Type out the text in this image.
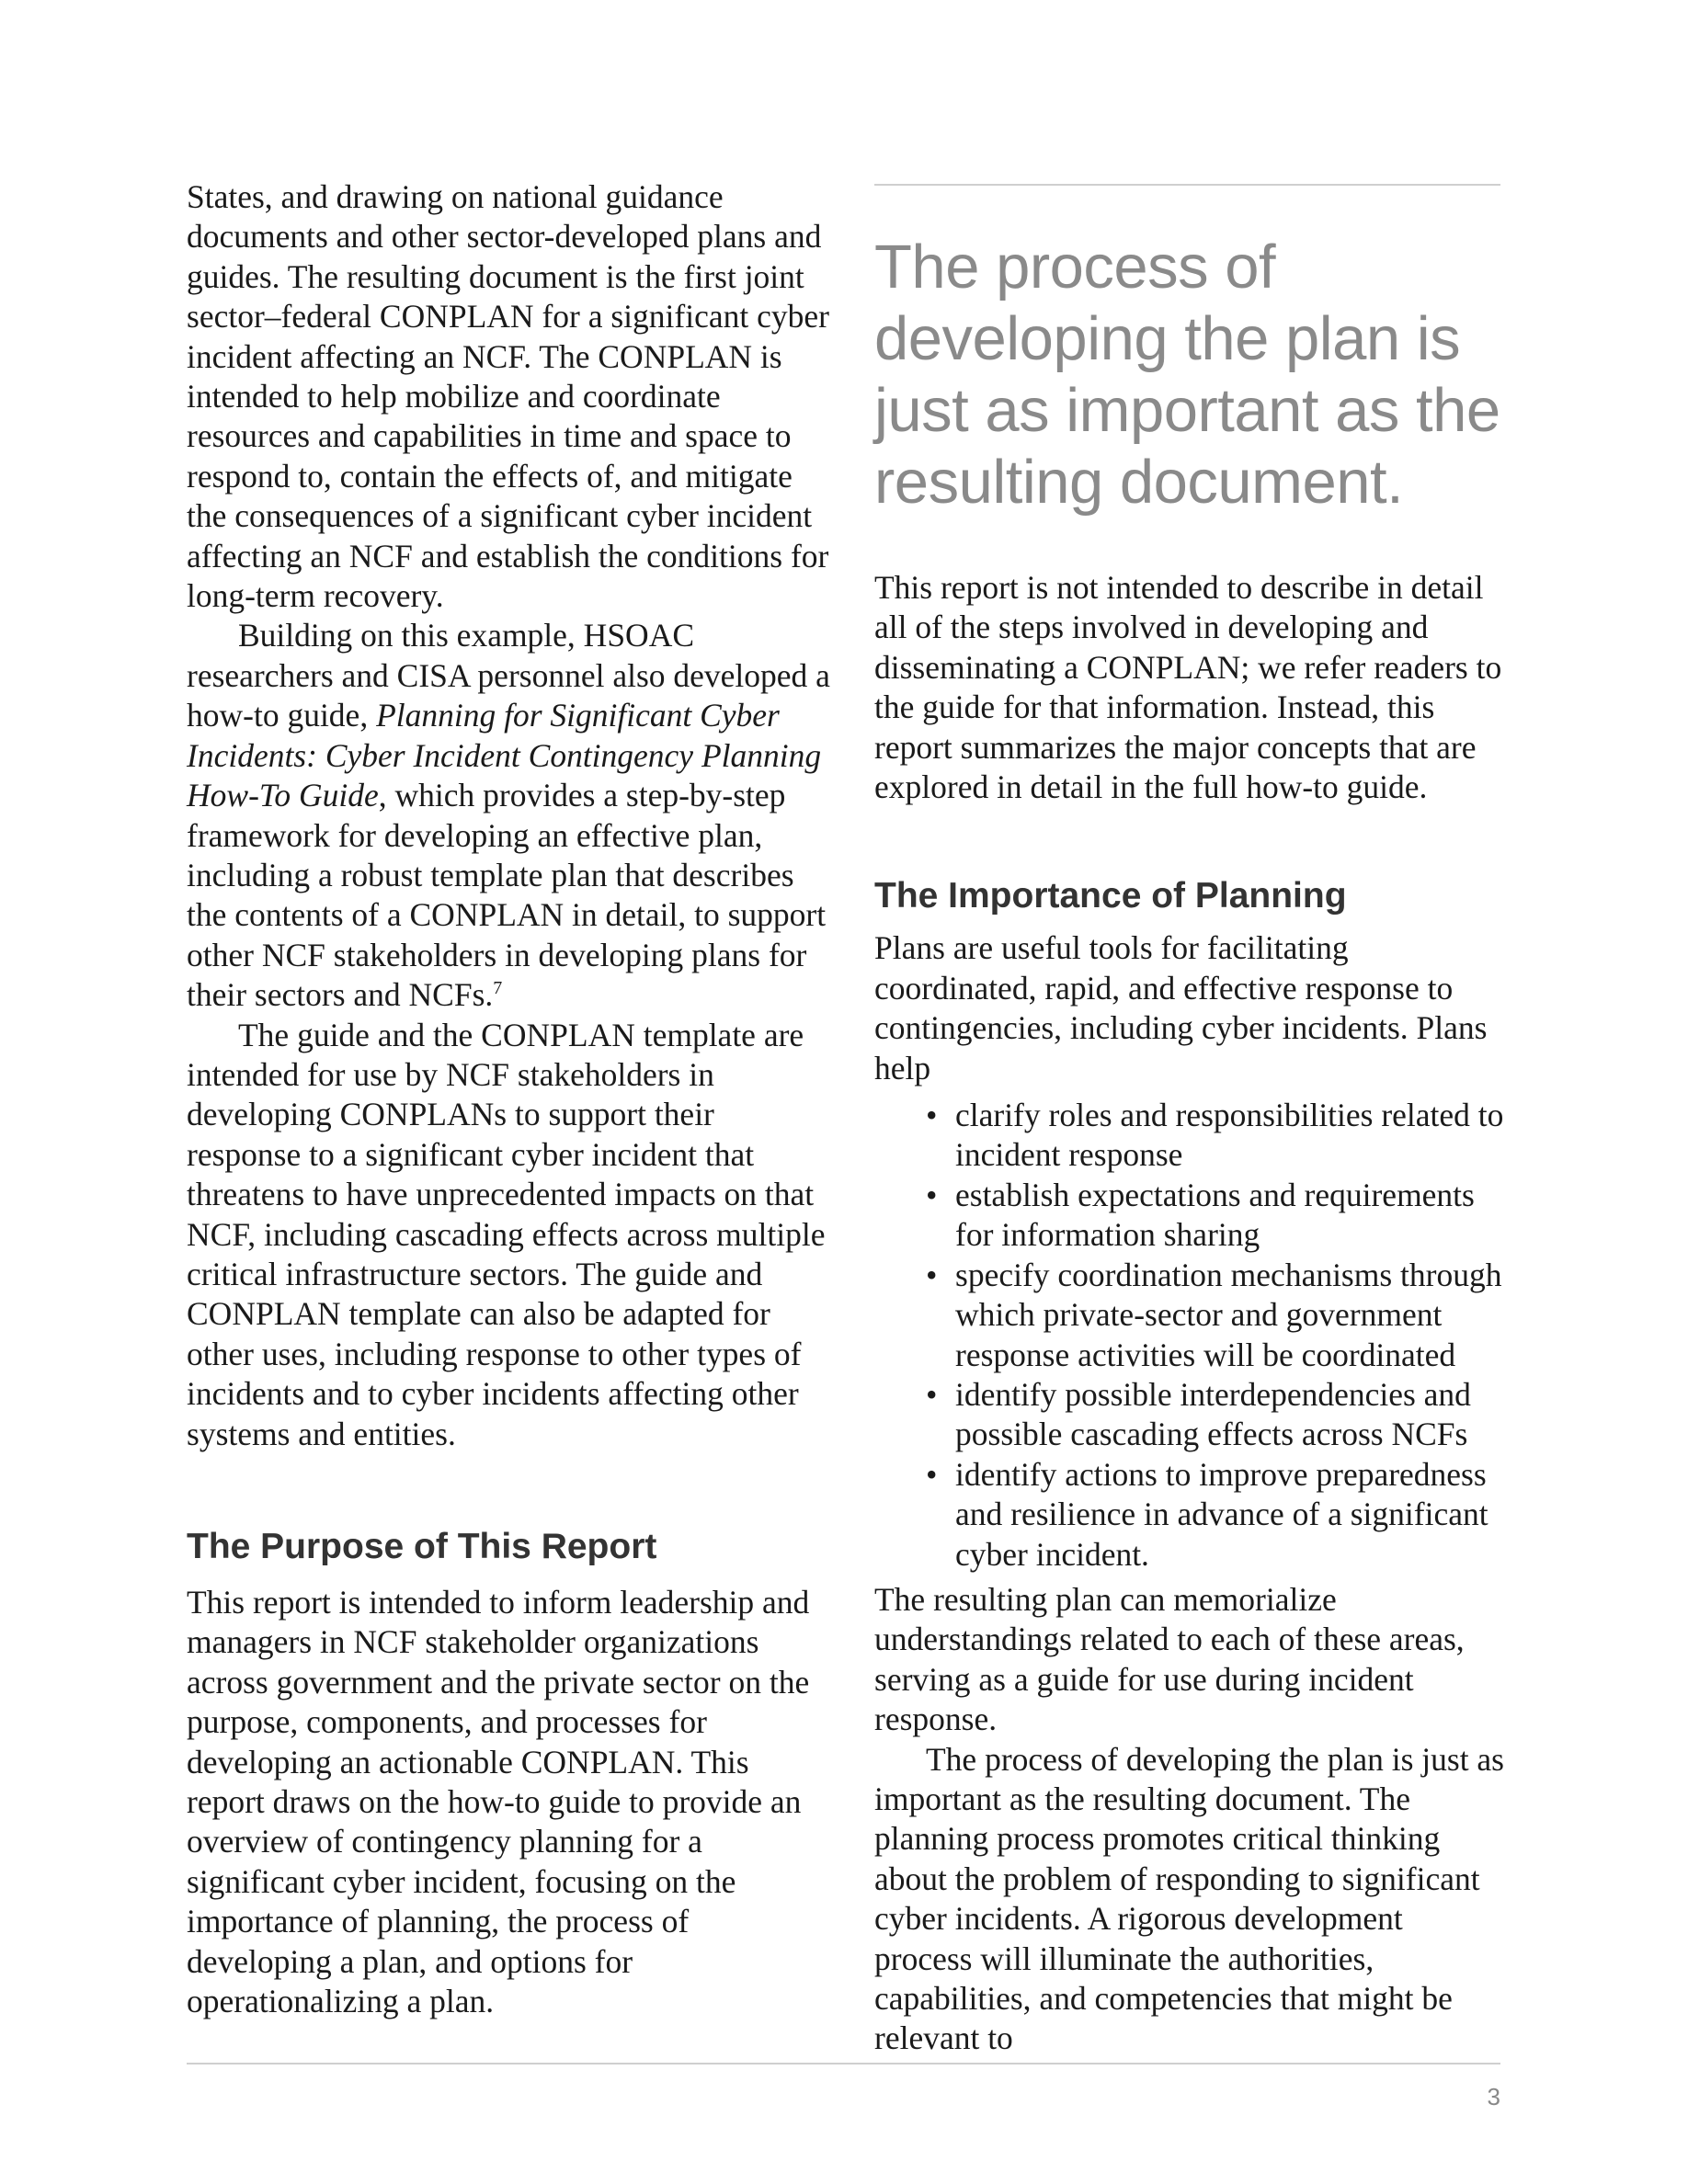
States, and drawing on national guidance documents and other sector-developed plans and guides. The resulting document is the first joint sector–federal CONPLAN for a significant cyber incident affecting an NCF. The CONPLAN is intended to help mobilize and coordinate resources and capabilities in time and space to respond to, contain the effects of, and mitigate the consequences of a significant cyber incident affecting an NCF and establish the conditions for long-term recovery.

Building on this example, HSOAC researchers and CISA personnel also developed a how-to guide, Planning for Significant Cyber Incidents: Cyber Incident Contingency Planning How-To Guide, which provides a step-by-step framework for developing an effective plan, including a robust template plan that describes the contents of a CONPLAN in detail, to support other NCF stakeholders in developing plans for their sectors and NCFs.$^7$

The guide and the CONPLAN template are intended for use by NCF stakeholders in developing CONPLANs to support their response to a significant cyber incident that threatens to have unprecedented impacts on that NCF, including cascading effects across multiple critical infrastructure sectors. The guide and CONPLAN template can also be adapted for other uses, including response to other types of incidents and to cyber incidents affecting other systems and entities.

The Purpose of This Report

This report is intended to inform leadership and managers in NCF stakeholder organizations across government and the private sector on the purpose, components, and processes for developing an actionable CONPLAN. This report draws on the how-to guide to provide an overview of contingency planning for a significant cyber incident, focusing on the importance of planning, the process of developing a plan, and options for operationalizing a plan.

The process of developing the plan is just as important as the resulting document.

This report is not intended to describe in detail all of the steps involved in developing and disseminating a CONPLAN; we refer readers to the guide for that information. Instead, this report summarizes the major concepts that are explored in detail in the full how-to guide.

The Importance of Planning

Plans are useful tools for facilitating coordinated, rapid, and effective response to contingencies, including cyber incidents. Plans help

• clarify roles and responsibilities related to incident response
• establish expectations and requirements for information sharing
• specify coordination mechanisms through which private-sector and government response activities will be coordinated
• identify possible interdependencies and possible cascading effects across NCFs
• identify actions to improve preparedness and resilience in advance of a significant cyber incident.

The resulting plan can memorialize understandings related to each of these areas, serving as a guide for use during incident response.

The process of developing the plan is just as important as the resulting document. The planning process promotes critical thinking about the problem of responding to significant cyber incidents. A rigorous development process will illuminate the authorities, capabilities, and competencies that might be relevant to

3
